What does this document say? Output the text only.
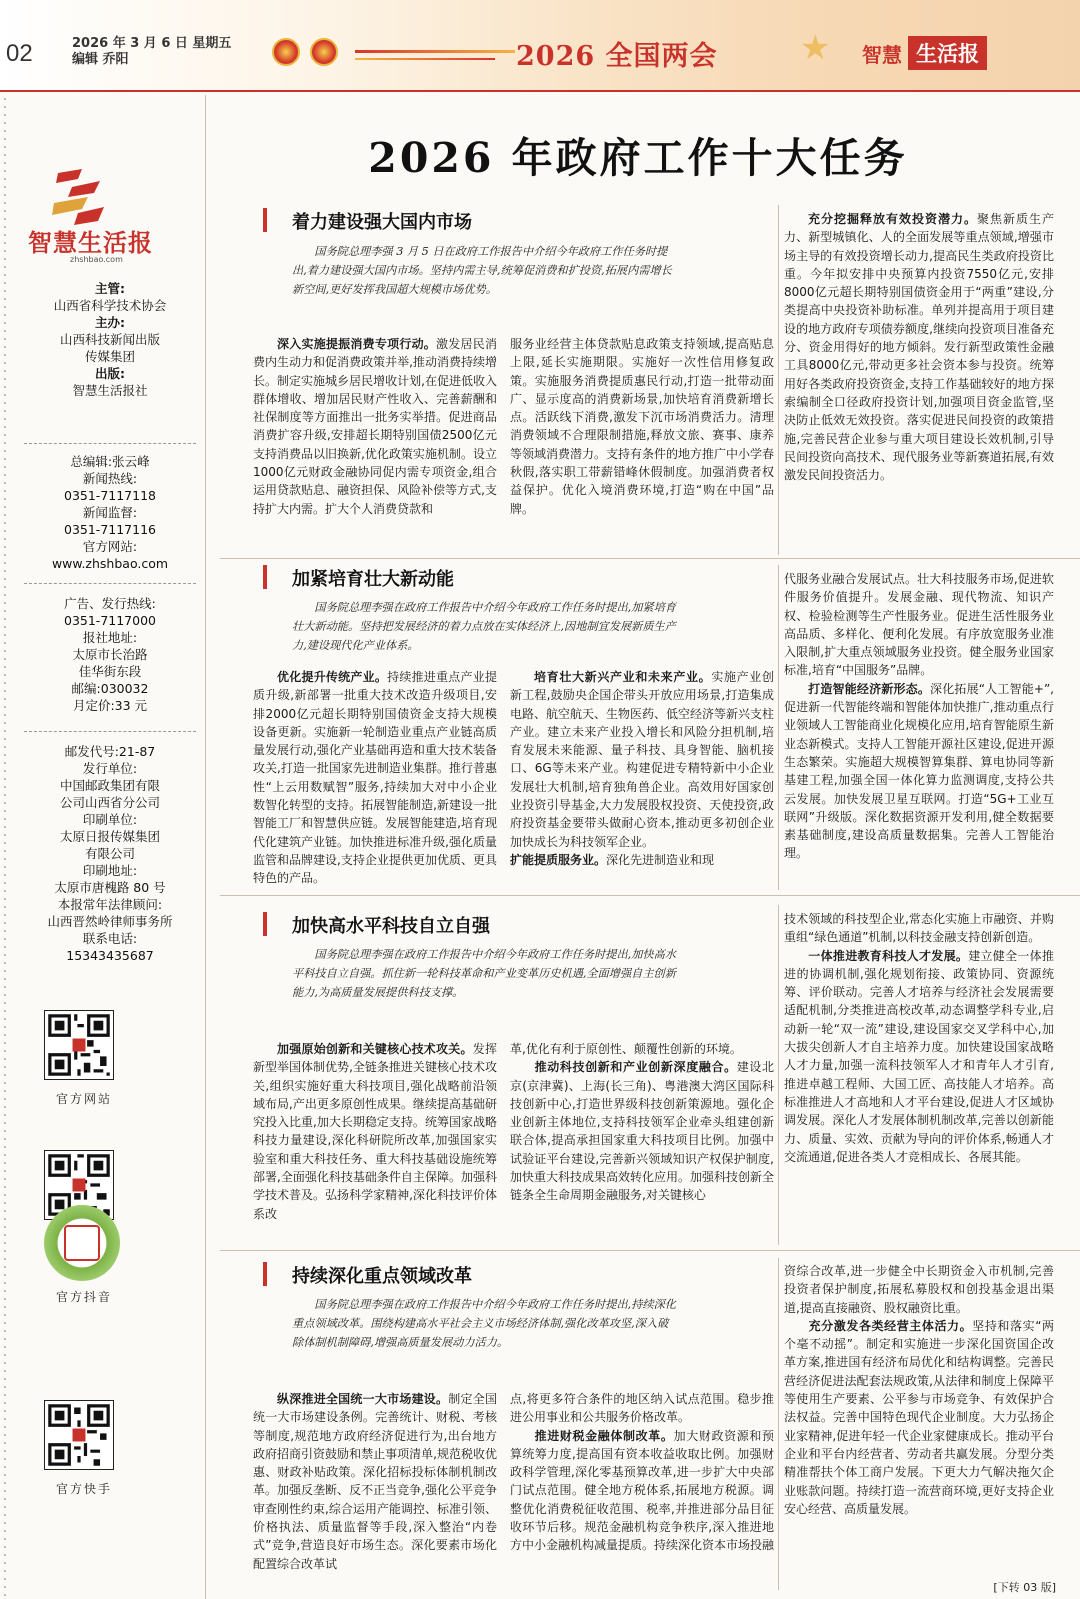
02	2026 年 3 月 6 日 星期五
编辑 乔阳	2026 全国两会 ★ 智慧 生活报
智慧生活报
zhshbao.com
主管:
山西省科学技术协会
主办:
山西科技新闻出版传媒集团
出版:
智慧生活报社
总编辑:张云峰
新闻热线:
0351-7117118
新闻监督:
0351-7117116
官方网站:
www.zhshbao.com
广告、发行热线:
0351-7117000
报社地址:
太原市长治路
佳华街东段
邮编:030032
月定价:33 元
邮发代号:21-87
发行单位:
中国邮政集团有限
公司山西省分公司
印刷单位:
太原日报传媒集团
有限公司
印刷地址:
太原市唐槐路 80 号
本报常年法律顾问:
山西晋然岭律师事务所
联系电话:
15343435687
官方网站
官方抖音
官方快手
2026 年政府工作十大任务
着力建设强大国内市场
国务院总理李强 3 月 5 日在政府工作报告中介绍今年政府工作任务时提出,着力建设强大国内市场。坚持内需主导,统筹促消费和扩投资,拓展内需增长新空间,更好发挥我国超大规模市场优势。
深入实施提振消费专项行动。激发居民消费内生动力和促消费政策并举,推动消费持续增长。制定实施城乡居民增收计划,在促进低收入群体增收、增加居民财产性收入、完善薪酬和社保制度等方面推出一批务实举措。促进商品消费扩容升级,安排超长期特别国债2500亿元支持消费品以旧换新,优化政策实施机制。设立1000亿元财政金融协同促内需专项资金,组合运用贷款贴息、融资担保、风险补偿等方式,支持扩大内需。扩大个人消费贷款和
服务业经营主体贷款贴息政策支持领域,提高贴息上限,延长实施期限。实施好一次性信用修复政策。实施服务消费提质惠民行动,打造一批带动面广、显示度高的消费新场景,加快培育消费新增长点。活跃线下消费,激发下沉市场消费活力。清理消费领域不合理限制措施,释放文旅、赛事、康养等领域消费潜力。支持有条件的地方推广中小学春秋假,落实职工带薪错峰休假制度。加强消费者权益保护。优化入境消费环境,打造“购在中国”品牌。
充分挖掘释放有效投资潜力。聚焦新质生产力、新型城镇化、人的全面发展等重点领域,增强市场主导的有效投资增长动力,提高民生类政府投资比重。今年拟安排中央预算内投资7550亿元,安排8000亿元超长期特别国债资金用于“两重”建设,分类提高中央投资补助标准。单列并提高用于项目建设的地方政府专项债券额度,继续向投资项目准备充分、资金用得好的地方倾斜。发行新型政策性金融工具8000亿元,带动更多社会资本参与投资。统筹用好各类政府投资资金,支持工作基础较好的地方探索编制全口径政府投资计划,加强项目资金监管,坚决防止低效无效投资。落实促进民间投资的政策措施,完善民营企业参与重大项目建设长效机制,引导民间投资向高技术、现代服务业等新赛道拓展,有效激发民间投资活力。
加紧培育壮大新动能
国务院总理李强在政府工作报告中介绍今年政府工作任务时提出,加紧培育壮大新动能。坚持把发展经济的着力点放在实体经济上,因地制宜发展新质生产力,建设现代化产业体系。
优化提升传统产业。持续推进重点产业提质升级,新部署一批重大技术改造升级项目,安排2000亿元超长期特别国债资金支持大规模设备更新。实施新一轮制造业重点产业链高质量发展行动,强化产业基础再造和重大技术装备攻关,打造一批国家先进制造业集群。推行普惠性“上云用数赋智”服务,持续加大对中小企业数智化转型的支持。拓展智能制造,新建设一批智能工厂和智慧供应链。发展智能建造,培育现代化建筑产业链。加快推进标准升级,强化质量监管和品牌建设,支持企业提供更加优质、更具特色的产品。
培育壮大新兴产业和未来产业。实施产业创新工程,鼓励央企国企带头开放应用场景,打造集成电路、航空航天、生物医药、低空经济等新兴支柱产业。建立未来产业投入增长和风险分担机制,培育发展未来能源、量子科技、具身智能、脑机接口、6G等未来产业。构建促进专精特新中小企业发展壮大机制,培育独角兽企业。高效用好国家创业投资引导基金,大力发展股权投资、天使投资,政府投资基金要带头做耐心资本,推动更多初创企业加快成长为科技领军企业。
扩能提质服务业。深化先进制造业和现
代服务业融合发展试点。壮大科技服务市场,促进软件服务价值提升。发展金融、现代物流、知识产权、检验检测等生产性服务业。促进生活性服务业高品质、多样化、便利化发展。有序放宽服务业准入限制,扩大重点领域服务业投资。健全服务业国家标准,培育“中国服务”品牌。
  打造智能经济新形态。深化拓展“人工智能+”,促进新一代智能终端和智能体加快推广,推动重点行业领域人工智能商业化规模化应用,培育智能原生新业态新模式。支持人工智能开源社区建设,促进开源生态繁荣。实施超大规模智算集群、算电协同等新基建工程,加强全国一体化算力监测调度,支持公共云发展。加快发展卫星互联网。打造“5G+工业互联网”升级版。深化数据资源开发利用,健全数据要素基础制度,建设高质量数据集。完善人工智能治理。
加快高水平科技自立自强
国务院总理李强在政府工作报告中介绍今年政府工作任务时提出,加快高水平科技自立自强。抓住新一轮科技革命和产业变革历史机遇,全面增强自主创新能力,为高质量发展提供科技支撑。
加强原始创新和关键核心技术攻关。发挥新型举国体制优势,全链条推进关键核心技术攻关,组织实施好重大科技项目,强化战略前沿领域布局,产出更多原创性成果。继续提高基础研究投入比重,加大长期稳定支持。统筹国家战略科技力量建设,深化科研院所改革,加强国家实验室和重大科技任务、重大科技基础设施统筹部署,全面强化科技基础条件自主保障。加强科学技术普及。弘扬科学家精神,深化科技评价体系改
革,优化有利于原创性、颠覆性创新的环境。
  推动科技创新和产业创新深度融合。建设北京(京津冀)、上海(长三角)、粤港澳大湾区国际科技创新中心,打造世界级科技创新策源地。强化企业创新主体地位,支持科技领军企业牵头组建创新联合体,提高承担国家重大科技项目比例。加强中试验证平台建设,完善新兴领域知识产权保护制度,加快重大科技成果高效转化应用。加强科技创新全链条全生命周期金融服务,对关键核心
技术领域的科技型企业,常态化实施上市融资、并购重组“绿色通道”机制,以科技金融支持创新创造。
  一体推进教育科技人才发展。建立健全一体推进的协调机制,强化规划衔接、政策协同、资源统筹、评价联动。完善人才培养与经济社会发展需要适配机制,分类推进高校改革,动态调整学科专业,启动新一轮“双一流”建设,建设国家交叉学科中心,加大拔尖创新人才自主培养力度。加快建设国家战略人才力量,加强一流科技领军人才和青年人才引育,推进卓越工程师、大国工匠、高技能人才培养。高标准推进人才高地和人才平台建设,促进人才区域协调发展。深化人才发展体制机制改革,完善以创新能力、质量、实效、贡献为导向的评价体系,畅通人才交流通道,促进各类人才竞相成长、各展其能。
持续深化重点领域改革
国务院总理李强在政府工作报告中介绍今年政府工作任务时提出,持续深化重点领域改革。围绕构建高水平社会主义市场经济体制,强化改革攻坚,深入破除体制机制障碍,增强高质量发展动力活力。
纵深推进全国统一大市场建设。制定全国统一大市场建设条例。完善统计、财税、考核等制度,规范地方政府经济促进行为,出台地方政府招商引资鼓励和禁止事项清单,规范税收优惠、财政补贴政策。深化招标投标体制机制改革。加强反垄断、反不正当竞争,强化公平竞争审查刚性约束,综合运用产能调控、标准引领、价格执法、质量监督等手段,深入整治“内卷式”竞争,营造良好市场生态。深化要素市场化配置综合改革试
点,将更多符合条件的地区纳入试点范围。稳步推进公用事业和公共服务价格改革。
  推进财税金融体制改革。加大财政资源和预算统筹力度,提高国有资本收益收取比例。加强财政科学管理,深化零基预算改革,进一步扩大中央部门试点范围。健全地方税体系,拓展地方税源。调整优化消费税征收范围、税率,并推进部分品目征收环节后移。规范金融机构竞争秩序,深入推进地方中小金融机构减量提质。持续深化资本市场投融
资综合改革,进一步健全中长期资金入市机制,完善投资者保护制度,拓展私募股权和创投基金退出渠道,提高直接融资、股权融资比重。
  充分激发各类经营主体活力。坚持和落实“两个毫不动摇”。制定和实施进一步深化国资国企改革方案,推进国有经济布局优化和结构调整。完善民营经济促进法配套法规政策,从法律和制度上保障平等使用生产要素、公平参与市场竞争、有效保护合法权益。完善中国特色现代企业制度。大力弘扬企业家精神,促进年轻一代企业家健康成长。推动平台企业和平台内经营者、劳动者共赢发展。分型分类精准帮扶个体工商户发展。下更大力气解决拖欠企业账款问题。持续打造一流营商环境,更好支持企业安心经营、高质量发展。
[下转 03 版]
